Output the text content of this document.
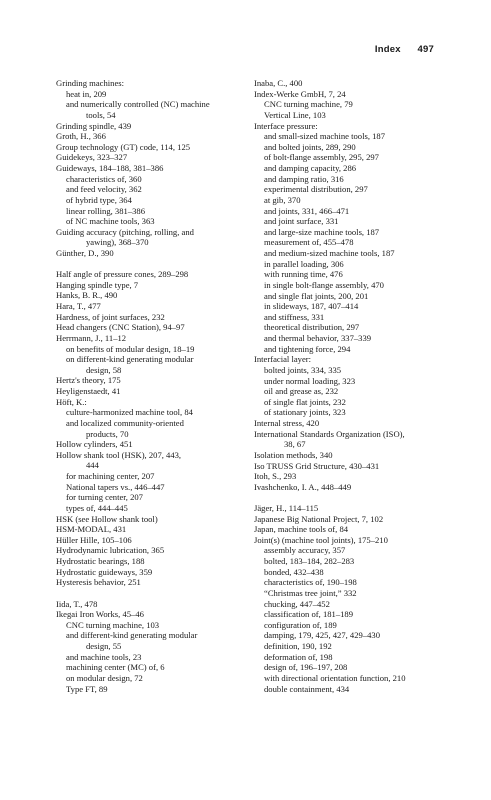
Index 497
Grinding machines:
heat in, 209
and numerically controlled (NC) machine
tools, 54
Grinding spindle, 439
Groth, H., 366
Group technology (GT) code, 114, 125
Guidekeys, 323–327
Guideways, 184–188, 381–386
characteristics of, 360
and feed velocity, 362
of hybrid type, 364
linear rolling, 381–386
of NC machine tools, 363
Guiding accuracy (pitching, rolling, and
yawing), 368–370
Günther, D., 390
Half angle of pressure cones, 289–298
Hanging spindle type, 7
Hanks, B. R., 490
Hara, T., 477
Hardness, of joint surfaces, 232
Head changers (CNC Station), 94–97
Herrmann, J., 11–12
on benefits of modular design, 18–19
on different-kind generating modular
design, 58
Hertz's theory, 175
Heyligenstaedt, 41
Höft, K.:
culture-harmonized machine tool, 84
and localized community-oriented
products, 70
Hollow cylinders, 451
Hollow shank tool (HSK), 207, 443,
444
for machining center, 207
National tapers vs., 446–447
for turning center, 207
types of, 444–445
HSK (see Hollow shank tool)
HSM-MODAL, 431
Hüller Hille, 105–106
Hydrodynamic lubrication, 365
Hydrostatic bearings, 188
Hydrostatic guideways, 359
Hysteresis behavior, 251
Iida, T., 478
Ikegai Iron Works, 45–46
CNC turning machine, 103
and different-kind generating modular
design, 55
and machine tools, 23
machining center (MC) of, 6
on modular design, 72
Type FT, 89
Inaba, C., 400
Index-Werke GmbH, 7, 24
CNC turning machine, 79
Vertical Line, 103
Interface pressure:
and small-sized machine tools, 187
and bolted joints, 289, 290
of bolt-flange assembly, 295, 297
and damping capacity, 286
and damping ratio, 316
experimental distribution, 297
at gib, 370
and joints, 331, 466–471
and joint surface, 331
and large-size machine tools, 187
measurement of, 455–478
and medium-sized machine tools, 187
in parallel loading, 306
with running time, 476
in single bolt-flange assembly, 470
and single flat joints, 200, 201
in slideways, 187, 407–414
and stiffness, 331
theoretical distribution, 297
and thermal behavior, 337–339
and tightening force, 294
Interfacial layer:
bolted joints, 334, 335
under normal loading, 323
oil and grease as, 232
of single flat joints, 232
of stationary joints, 323
Internal stress, 420
International Standards Organization (ISO),
38, 67
Isolation methods, 340
Iso TRUSS Grid Structure, 430–431
Itoh, S., 293
Ivashchenko, I. A., 448–449
Jäger, H., 114–115
Japanese Big National Project, 7, 102
Japan, machine tools of, 84
Joint(s) (machine tool joints), 175–210
assembly accuracy, 357
bolted, 183–184, 282–283
bonded, 432–438
characteristics of, 190–198
“Christmas tree joint,” 332
chucking, 447–452
classification of, 181–189
configuration of, 189
damping, 179, 425, 427, 429–430
definition, 190, 192
deformation of, 198
design of, 196–197, 208
with directional orientation function, 210
double containment, 434
